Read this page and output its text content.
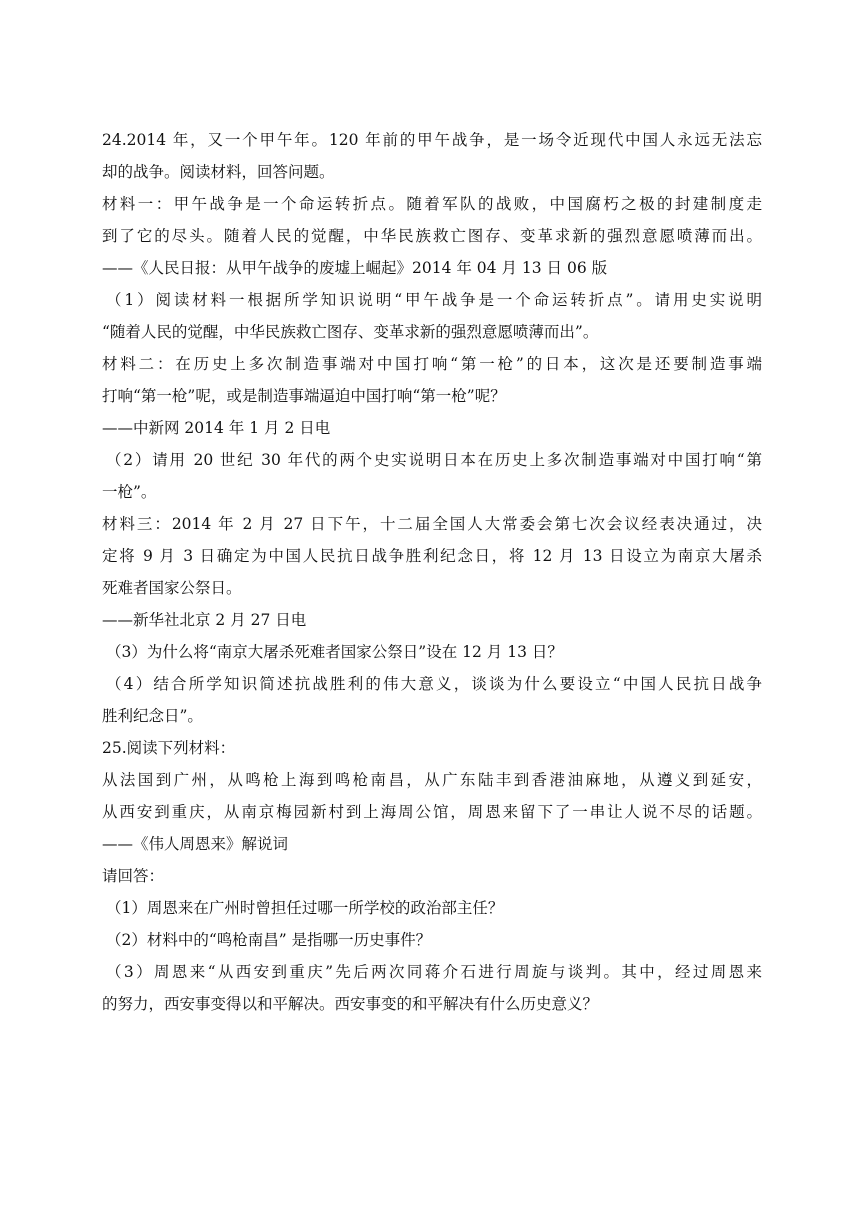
24.2014 年，又一个甲午年。120 年前的甲午战争，是一场令近现代中国人永远无法忘
却的战争。阅读材料，回答问题。
材料一：甲午战争是一个命运转折点。随着军队的战败，中国腐朽之极的封建制度走
到了它的尽头。随着人民的觉醒，中华民族救亡图存、变革求新的强烈意愿喷薄而出。
——《人民日报：从甲午战争的废墟上崛起》2014 年 04 月 13 日 06 版
（1）阅读材料一根据所学知识说明“甲午战争是一个命运转折点”。请用史实说明
“随着人民的觉醒，中华民族救亡图存、变革求新的强烈意愿喷薄而出”。
材料二：在历史上多次制造事端对中国打响“第一枪”的日本，这次是还要制造事端
打响“第一枪”呢，或是制造事端逼迫中国打响“第一枪”呢？
——中新网 2014 年 1 月 2 日电
（2）请用 20 世纪 30 年代的两个史实说明日本在历史上多次制造事端对中国打响“第
一枪”。
材料三：2014 年 2 月 27 日下午，十二届全国人大常委会第七次会议经表决通过，决
定将 9 月 3 日确定为中国人民抗日战争胜利纪念日，将 12 月 13 日设立为南京大屠杀
死难者国家公祭日。
——新华社北京 2 月 27 日电
（3）为什么将“南京大屠杀死难者国家公祭日”设在 12 月 13 日？
（4）结合所学知识简述抗战胜利的伟大意义，谈谈为什么要设立“中国人民抗日战争
胜利纪念日”。
25.阅读下列材料：
从法国到广州，从鸣枪上海到鸣枪南昌，从广东陆丰到香港油麻地，从遵义到延安，
从西安到重庆，从南京梅园新村到上海周公馆，周恩来留下了一串让人说不尽的话题。
——《伟人周恩来》解说词
请回答：
（1）周恩来在广州时曾担任过哪一所学校的政治部主任？
（2）材料中的“鸣枪南昌” 是指哪一历史事件？
（3）周恩来“从西安到重庆”先后两次同蒋介石进行周旋与谈判。其中，经过周恩来
的努力，西安事变得以和平解决。西安事变的和平解决有什么历史意义？
